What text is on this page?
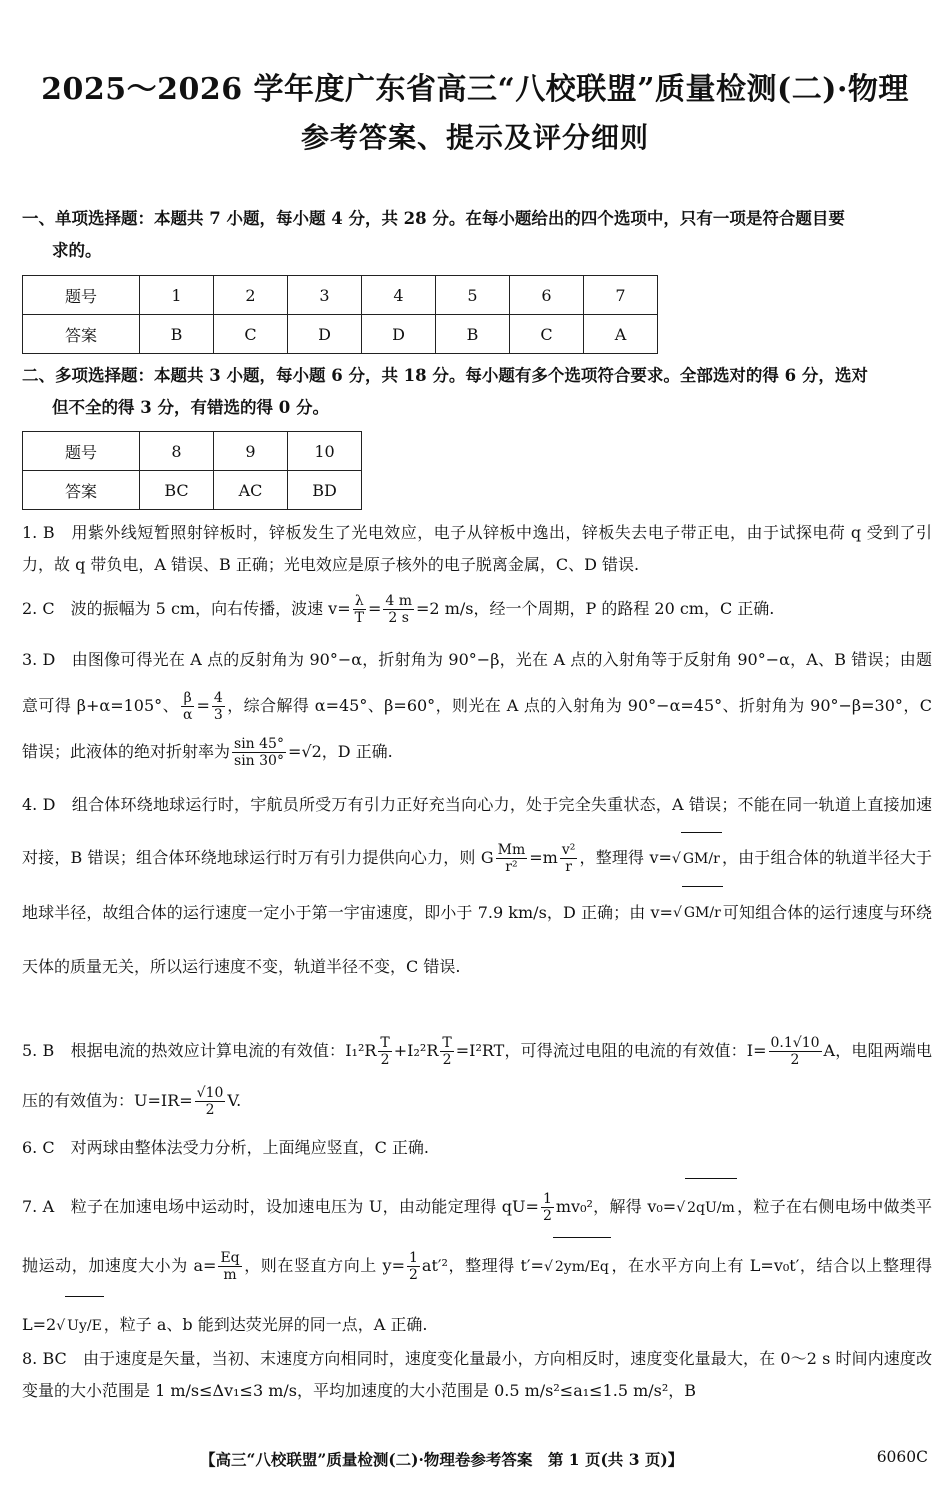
2025～2026 学年度广东省高三“八校联盟”质量检测(二)·物理
参考答案、提示及评分细则
一、单项选择题：本题共 7 小题，每小题 4 分，共 28 分。在每小题给出的四个选项中，只有一项是符合题目要
求的。
题号	1	2	3	4	5	6	7
答案	B	C	D	D	B	C	A
二、多项选择题：本题共 3 小题，每小题 6 分，共 18 分。每小题有多个选项符合要求。全部选对的得 6 分，选对
但不全的得 3 分，有错选的得 0 分。
题号	8	9	10
答案	BC	AC	BD
1. B　用紫外线短暂照射锌板时，锌板发生了光电效应，电子从锌板中逸出，锌板失去电子带正电，由于试探电荷 q 受到了引力，故 q 带负电，A 错误、B 正确；光电效应是原子核外的电子脱离金属，C、D 错误.
2. C　波的振幅为 5 cm，向右传播，波速 $v= \frac{\lambda}{T} = \frac{4 m}{2 s} =2$ m/s，经一个周期，P 的路程 20 cm，C 正确.
3. D　由图像可得光在 A 点的反射角为 90°−α，折射角为 90°−β，光在 A 点的入射角等于反射角 90°−α，A、B 错误；由题意可得 β+α=105°、 $\frac{\beta}{\alpha} = \frac{4}{3}$ ，综合解得 α=45°、β=60°，则光在 A 点的入射角为 90°−α=45°、折射角为 90°−β=30°，C 错误；此液体的绝对折射率为 $\frac{\sin 45^\circ}{\sin 30^\circ} =√2$，D 正确.
4. D　组合体环绕地球运行时，宇航员所受万有引力正好充当向心力，处于完全失重状态，A 错误；不能在同一轨道上直接加速对接，B 错误；组合体环绕地球运行时万有引力提供向心力，则 G $\frac{Mm}{\text{r²}} =m \frac{\text{v²}}{r}$ ，整理得 v=√ GM/r ，由于组合体的轨道半径大于地球半径，故组合体的运行速度一定小于第一宇宙速度，即小于 7.9 km/s，D 正确；由 v=√ GM/r 可知组合体的运行速度与环绕天体的质量无关，所以运行速度不变，轨道半径不变，C 错误.
5. B　根据电流的热效应计算电流的有效值：$I_1^2R \frac{T}{2} +I_2^2R \frac{T}{2} =I^2RT$，可得流过电阻的电流的有效值：$I= \frac{0.1√10}{2}$ A，电阻两端电压的有效值为：$U=IR= \frac{√10}{2} V$.
6. C　对两球由整体法受力分析，上面绳应竖直，C 正确.
7. A　粒子在加速电场中运动时，设加速电压为 U，由动能定理得 $qU= \frac{1}{2} mv_0^2$，解得 v₀=√ 2qU/m ，粒子在右侧电场中做类平抛运动，加速度大小为 $a= \frac{Eq}{m}$ ，则在竖直方向上 $y= \frac{1}{2} at'^2$，整理得 t′=√ 2ym/Eq ，在水平方向上有 L=v₀t′，结合以上整理得 L=2√ Uy/E ，粒子 a、b 能到达荧光屏的同一点，A 正确.
8. BC　由于速度是矢量，当初、末速度方向相同时，速度变化量最小，方向相反时，速度变化量最大，在 0～2 s 时间内速度改变量的大小范围是 1 m/s≤Δv₁≤3 m/s，平均加速度的大小范围是 0.5 m/s²≤a₁≤1.5 m/s²，B
【高三“八校联盟”质量检测(二)·物理卷参考答案　第 1 页(共 3 页)】	6060C
